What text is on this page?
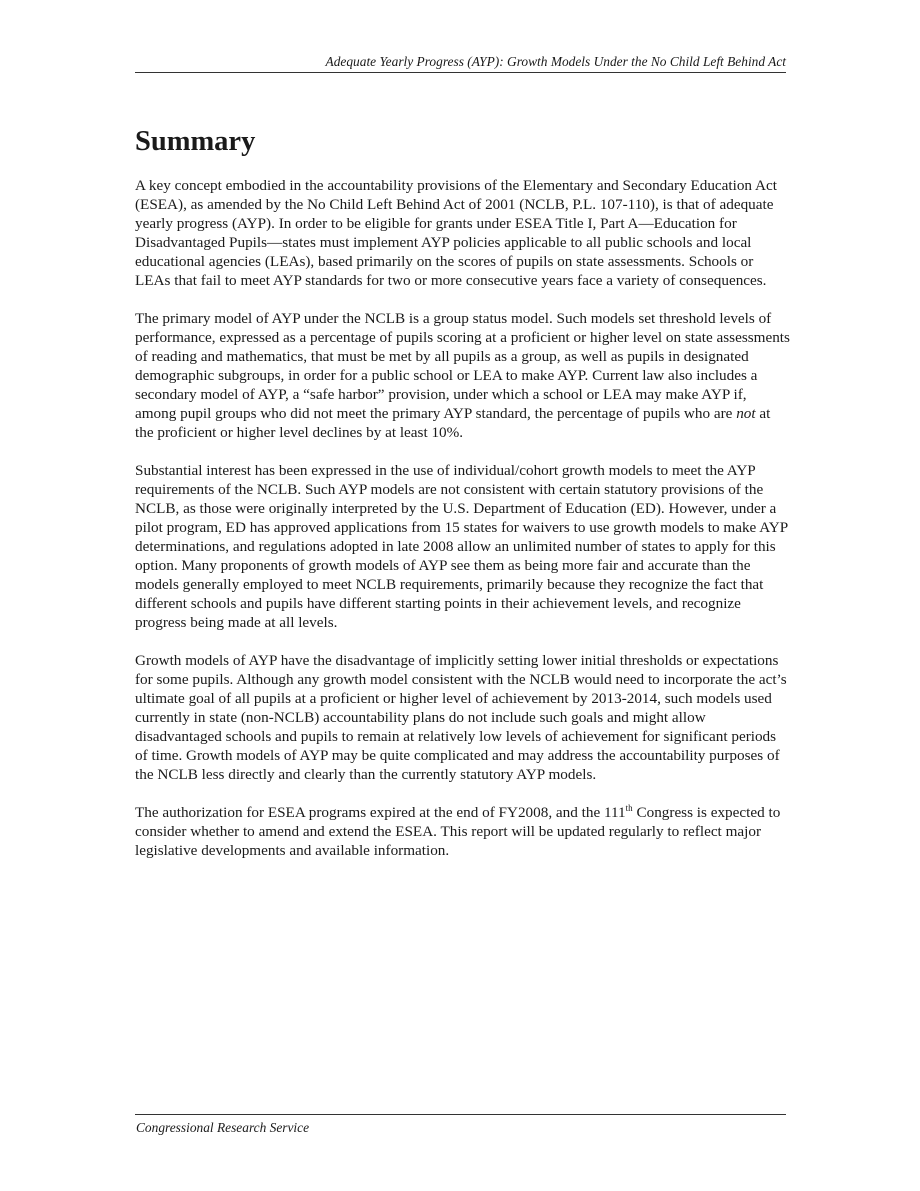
Adequate Yearly Progress (AYP): Growth Models Under the No Child Left Behind Act
Summary

A key concept embodied in the accountability provisions of the Elementary and Secondary Education Act (ESEA), as amended by the No Child Left Behind Act of 2001 (NCLB, P.L. 107-110), is that of adequate yearly progress (AYP). In order to be eligible for grants under ESEA Title I, Part A—Education for Disadvantaged Pupils—states must implement AYP policies applicable to all public schools and local educational agencies (LEAs), based primarily on the scores of pupils on state assessments. Schools or LEAs that fail to meet AYP standards for two or more consecutive years face a variety of consequences.

The primary model of AYP under the NCLB is a group status model. Such models set threshold levels of performance, expressed as a percentage of pupils scoring at a proficient or higher level on state assessments of reading and mathematics, that must be met by all pupils as a group, as well as pupils in designated demographic subgroups, in order for a public school or LEA to make AYP. Current law also includes a secondary model of AYP, a “safe harbor” provision, under which a school or LEA may make AYP if, among pupil groups who did not meet the primary AYP standard, the percentage of pupils who are not at the proficient or higher level declines by at least 10%.

Substantial interest has been expressed in the use of individual/cohort growth models to meet the AYP requirements of the NCLB. Such AYP models are not consistent with certain statutory provisions of the NCLB, as those were originally interpreted by the U.S. Department of Education (ED). However, under a pilot program, ED has approved applications from 15 states for waivers to use growth models to make AYP determinations, and regulations adopted in late 2008 allow an unlimited number of states to apply for this option. Many proponents of growth models of AYP see them as being more fair and accurate than the models generally employed to meet NCLB requirements, primarily because they recognize the fact that different schools and pupils have different starting points in their achievement levels, and recognize progress being made at all levels.

Growth models of AYP have the disadvantage of implicitly setting lower initial thresholds or expectations for some pupils. Although any growth model consistent with the NCLB would need to incorporate the act’s ultimate goal of all pupils at a proficient or higher level of achievement by 2013-2014, such models used currently in state (non-NCLB) accountability plans do not include such goals and might allow disadvantaged schools and pupils to remain at relatively low levels of achievement for significant periods of time. Growth models of AYP may be quite complicated and may address the accountability purposes of the NCLB less directly and clearly than the currently statutory AYP models.

The authorization for ESEA programs expired at the end of FY2008, and the 111th Congress is expected to consider whether to amend and extend the ESEA. This report will be updated regularly to reflect major legislative developments and available information.

Congressional Research Service
